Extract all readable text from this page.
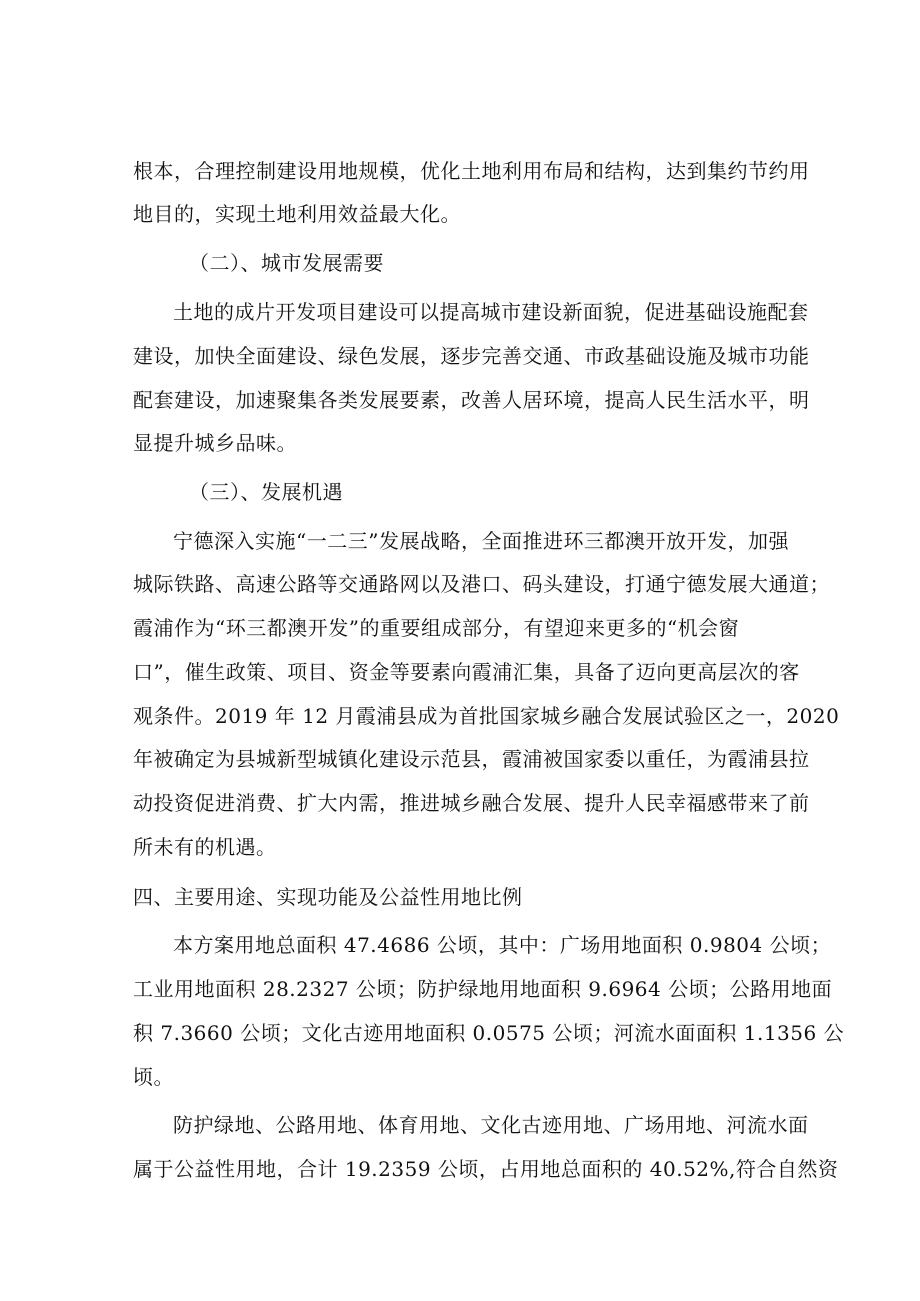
根本，合理控制建设用地规模，优化土地利用布局和结构，达到集约节约用
地目的，实现土地利用效益最大化。
（二）、城市发展需要
土地的成片开发项目建设可以提高城市建设新面貌，促进基础设施配套
建设，加快全面建设、绿色发展，逐步完善交通、市政基础设施及城市功能
配套建设，加速聚集各类发展要素，改善人居环境，提高人民生活水平，明
显提升城乡品味。
（三）、发展机遇
宁德深入实施“一二三”发展战略，全面推进环三都澳开放开发，加强
城际铁路、高速公路等交通路网以及港口、码头建设，打通宁德发展大通道；
霞浦作为“环三都澳开发”的重要组成部分，有望迎来更多的“机会窗
口”，催生政策、项目、资金等要素向霞浦汇集，具备了迈向更高层次的客
观条件。2019 年 12 月霞浦县成为首批国家城乡融合发展试验区之一，2020
年被确定为县城新型城镇化建设示范县，霞浦被国家委以重任，为霞浦县拉
动投资促进消费、扩大内需，推进城乡融合发展、提升人民幸福感带来了前
所未有的机遇。
四、主要用途、实现功能及公益性用地比例
本方案用地总面积 47.4686 公顷，其中：广场用地面积 0.9804 公顷；
工业用地面积 28.2327 公顷；防护绿地用地面积 9.6964 公顷；公路用地面
积 7.3660 公顷；文化古迹用地面积 0.0575 公顷；河流水面面积 1.1356 公
顷。
防护绿地、公路用地、体育用地、文化古迹用地、广场用地、河流水面
属于公益性用地，合计 19.2359 公顷，占用地总面积的 40.52%,符合自然资
